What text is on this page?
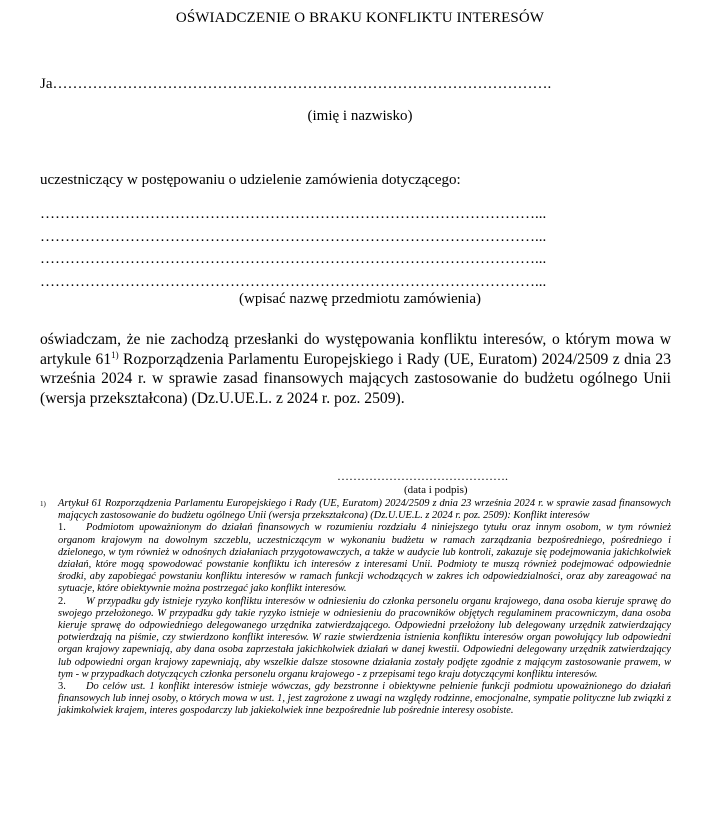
OŚWIADCZENIE O BRAKU KONFLIKTU INTERESÓW
Ja……………………………………………………………………………………….
(imię i nazwisko)
uczestniczący w postępowaniu o udzielenie zamówienia dotyczącego:
………………………………………………………………………………………...
………………………………………………………………………………………...
………………………………………………………………………………………...
………………………………………………………………………………………...
(wpisać nazwę przedmiotu zamówienia)
oświadczam, że nie zachodzą przesłanki do występowania konfliktu interesów, o którym mowa w artykule 61$^{1)}$ Rozporządzenia Parlamentu Europejskiego i Rady (UE, Euratom) 2024/2509 z dnia 23 września 2024 r. w sprawie zasad finansowych mających zastosowanie do budżetu ogólnego Unii (wersja przekształcona) (Dz.U.UE.L. z 2024 r. poz. 2509).
…………………………………….
(data i podpis)
1) Artykuł 61 Rozporządzenia Parlamentu Europejskiego i Rady (UE, Euratom) 2024/2509 z dnia 23 września 2024 r. w sprawie zasad finansowych mających zastosowanie do budżetu ogólnego Unii (wersja przekształcona) (Dz.U.UE.L. z 2024 r. poz. 2509): Konflikt interesów
1. Podmiotom upoważnionym do działań finansowych w rozumieniu rozdziału 4 niniejszego tytułu oraz innym osobom, w tym również organom krajowym na dowolnym szczeblu, uczestniczącym w wykonaniu budżetu w ramach zarządzania bezpośredniego, pośredniego i dzielonego, w tym również w odnośnych działaniach przygotowawczych, a także w audycie lub kontroli, zakazuje się podejmowania jakichkolwiek działań, które mogą spowodować powstanie konfliktu ich interesów z interesami Unii. Podmioty te muszą również podejmować odpowiednie środki, aby zapobiegać powstaniu konfliktu interesów w ramach funkcji wchodzących w zakres ich odpowiedzialności, oraz aby zareagować na sytuacje, które obiektywnie można postrzegać jako konflikt interesów.
2. W przypadku gdy istnieje ryzyko konfliktu interesów w odniesieniu do członka personelu organu krajowego, dana osoba kieruje sprawę do swojego przełożonego. W przypadku gdy takie ryzyko istnieje w odniesieniu do pracowników objętych regulaminem pracowniczym, dana osoba kieruje sprawę do odpowiedniego delegowanego urzędnika zatwierdzającego. Odpowiedni przełożony lub delegowany urzędnik zatwierdzający potwierdzają na piśmie, czy stwierdzono konflikt interesów. W razie stwierdzenia istnienia konfliktu interesów organ powołujący lub odpowiedni organ krajowy zapewniają, aby dana osoba zaprzestała jakichkolwiek działań w danej kwestii. Odpowiedni delegowany urzędnik zatwierdzający lub odpowiedni organ krajowy zapewniają, aby wszelkie dalsze stosowne działania zostały podjęte zgodnie z mającym zastosowanie prawem, w tym - w przypadkach dotyczących członka personelu organu krajowego - z przepisami tego kraju dotyczącymi konfliktu interesów.
3. Do celów ust. 1 konflikt interesów istnieje wówczas, gdy bezstronne i obiektywne pełnienie funkcji podmiotu upoważnionego do działań finansowych lub innej osoby, o których mowa w ust. 1, jest zagrożone z uwagi na względy rodzinne, emocjonalne, sympatie polityczne lub związki z jakimkolwiek krajem, interes gospodarczy lub jakiekolwiek inne bezpośrednie lub pośrednie interesy osobiste.
